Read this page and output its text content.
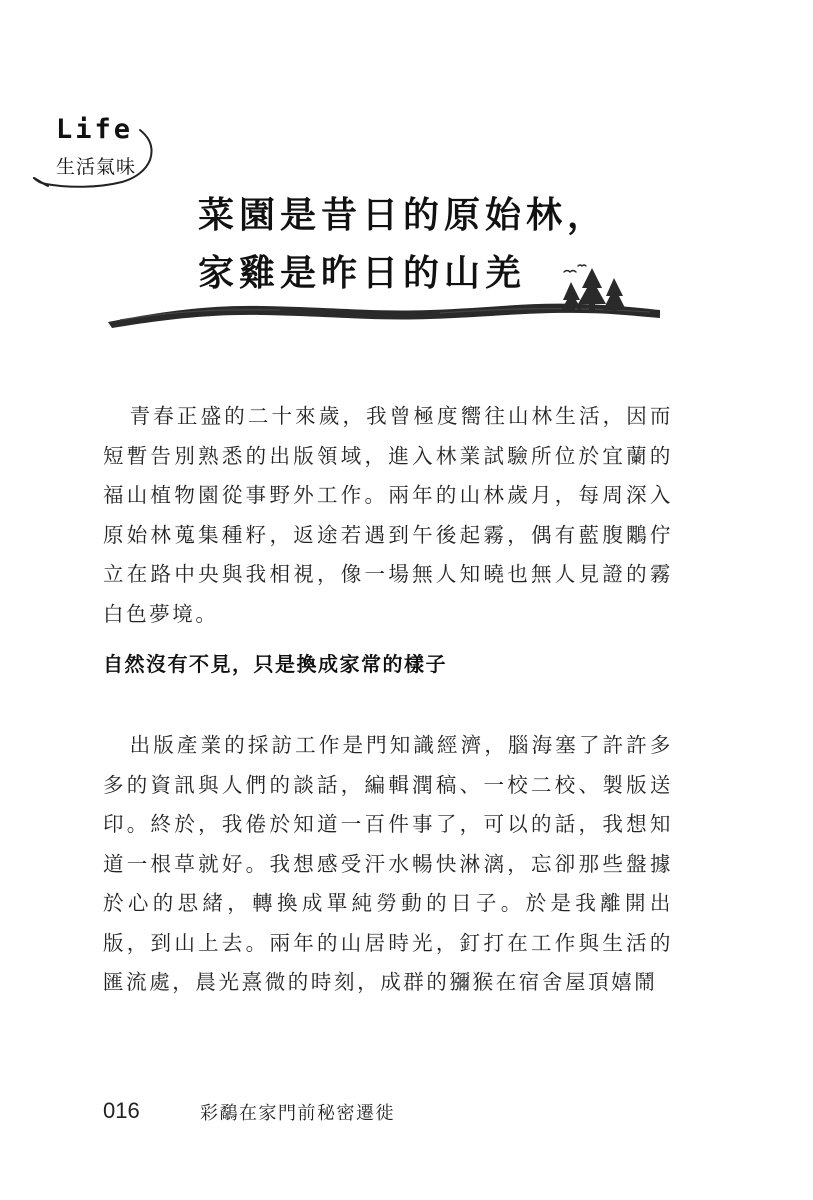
Life
生活氣味
菜園是昔日的原始林，
家雞是昨日的山羌

青春正盛的二十來歲，我曾極度嚮往山林生活，因而短暫告別熟悉的出版領域，進入林業試驗所位於宜蘭的福山植物園從事野外工作。兩年的山林歲月，每周深入原始林蒐集種籽，返途若遇到午後起霧，偶有藍腹鷴佇立在路中央與我相視，像一場無人知曉也無人見證的霧白色夢境。

自然沒有不見，只是換成家常的樣子

出版產業的採訪工作是門知識經濟，腦海塞了許許多多的資訊與人們的談話，編輯潤稿、一校二校、製版送印。終於，我倦於知道一百件事了，可以的話，我想知道一根草就好。我想感受汗水暢快淋漓，忘卻那些盤據於心的思緒，轉換成單純勞動的日子。於是我離開出版，到山上去。兩年的山居時光，釘打在工作與生活的匯流處，晨光熹微的時刻，成群的獼猴在宿舍屋頂嬉鬧

016	彩鷸在家門前秘密遷徙
